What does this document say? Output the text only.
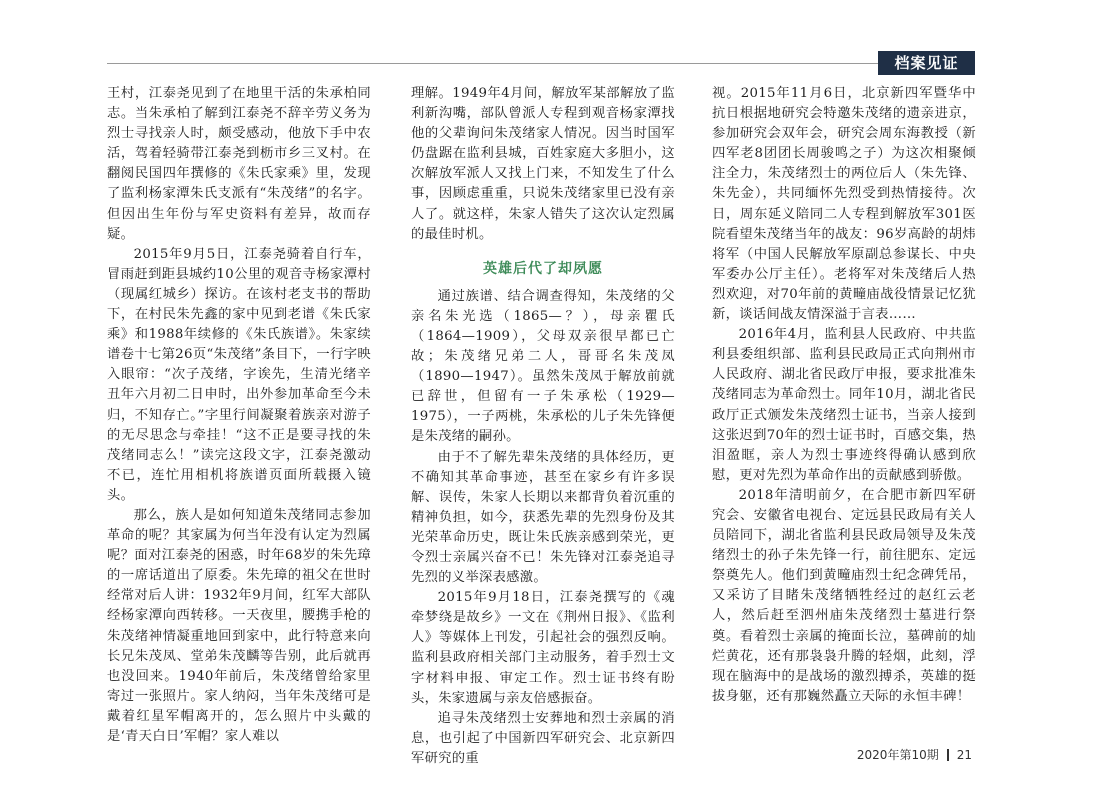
档案见证

王村，江泰尧见到了在地里干活的朱承柏同志。当朱承柏了解到江泰尧不辞辛劳义务为烈士寻找亲人时，颇受感动，他放下手中农活，驾着轻骑带江泰尧到枥市乡三叉村。在翻阅民国四年撰修的《朱氏家乘》里，发现了监利杨家潭朱氏支派有“朱茂绪”的名字。但因出生年份与军史资料有差异，故而存疑。

2015年9月5日，江泰尧骑着自行车，冒雨赶到距县城约10公里的观音寺杨家潭村（现属红城乡）探访。在该村老支书的帮助下，在村民朱先鑫的家中见到老谱《朱氏家乘》和1988年续修的《朱氏族谱》。朱家续谱卷十七第26页“朱茂绪”条目下，一行字映入眼帘：“次子茂绪，字诶先，生清光绪辛丑年六月初二日申时，出外参加革命至今未归，不知存亡。”字里行间凝聚着族亲对游子的无尽思念与牵挂！“这不正是要寻找的朱茂绪同志么！”读完这段文字，江泰尧激动不已，连忙用相机将族谱页面所载摄入镜头。

那么，族人是如何知道朱茂绪同志参加革命的呢？其家属为何当年没有认定为烈属呢？面对江泰尧的困惑，时年68岁的朱先璋的一席话道出了原委。朱先璋的祖父在世时经常对后人讲：1932年9月间，红军大部队经杨家潭向西转移。一天夜里，腰携手枪的朱茂绪神情凝重地回到家中，此行特意来向长兄朱茂凤、堂弟朱茂麟等告别，此后就再也没回来。1940年前后，朱茂绪曾给家里寄过一张照片。家人纳闷，当年朱茂绪可是戴着红星军帽离开的，怎么照片中头戴的是‘青天白日’军帽？家人难以

理解。1949年4月间，解放军某部解放了监利新沟嘴，部队曾派人专程到观音杨家潭找他的父辈询问朱茂绪家人情况。因当时国军仍盘踞在监利县城，百姓家庭大多胆小，这次解放军派人又找上门来，不知发生了什么事，因顾虑重重，只说朱茂绪家里已没有亲人了。就这样，朱家人错失了这次认定烈属的最佳时机。

英雄后代了却夙愿

通过族谱、结合调查得知，朱茂绪的父亲名朱光选（1865—？），母亲瞿氏（1864—1909），父母双亲很早都已亡故；朱茂绪兄弟二人，哥哥名朱茂凤（1890—1947）。虽然朱茂凤于解放前就已辞世，但留有一子朱承松（1929—1975），一子两桃，朱承松的儿子朱先锋便是朱茂绪的嗣孙。

由于不了解先辈朱茂绪的具体经历，更不确知其革命事迹，甚至在家乡有许多误解、误传，朱家人长期以来都背负着沉重的精神负担，如今，获悉先辈的先烈身份及其光荣革命历史，既让朱氏族亲感到荣光，更令烈士亲属兴奋不已！朱先锋对江泰尧追寻先烈的义举深表感激。

2015年9月18日，江泰尧撰写的《魂牵梦绕是故乡》一文在《荆州日报》、《监利人》等媒体上刊发，引起社会的强烈反响。监利县政府相关部门主动服务，着手烈士文字材料申报、审定工作。烈士证书终有盼头，朱家遗属与亲友倍感振奋。

追寻朱茂绪烈士安葬地和烈士亲属的消息，也引起了中国新四军研究会、北京新四军研究的重

视。2015年11月6日，北京新四军暨华中抗日根据地研究会特邀朱茂绪的遗亲进京，参加研究会双年会，研究会周东海教授（新四军老8团团长周骏鸣之子）为这次相聚倾注全力，朱茂绪烈士的两位后人（朱先锋、朱先金），共同缅怀先烈受到热情接待。次日，周东延义陪同二人专程到解放军301医院看望朱茂绪当年的战友：96岁高龄的胡炜将军（中国人民解放军原副总参谋长、中央军委办公厅主任）。老将军对朱茂绪后人热烈欢迎，对70年前的黄疃庙战役情景记忆犹新，谈话间战友情深溢于言表……

2016年4月，监利县人民政府、中共监利县委组织部、监利县民政局正式向荆州市人民政府、湖北省民政厅申报，要求批准朱茂绪同志为革命烈士。同年10月，湖北省民政厅正式颁发朱茂绪烈士证书，当亲人接到这张迟到70年的烈士证书时，百感交集，热泪盈眶，亲人为烈士事迹终得确认感到欣慰，更对先烈为革命作出的贡献感到骄傲。

2018年清明前夕，在合肥市新四军研究会、安徽省电视台、定远县民政局有关人员陪同下，湖北省监利县民政局领导及朱茂绪烈士的孙子朱先锋一行，前往肥东、定远祭奠先人。他们到黄疃庙烈士纪念碑凭吊，又采访了目睹朱茂绪牺牲经过的赵红云老人，然后赶至泗州庙朱茂绪烈士墓进行祭奠。看着烈士亲属的掩面长泣，墓碑前的灿烂黄花，还有那袅袅升腾的轻烟，此刻，浮现在脑海中的是战场的激烈搏杀，英雄的挺拔身躯，还有那巍然矗立天际的永恒丰碑！

2020年第10期 21
